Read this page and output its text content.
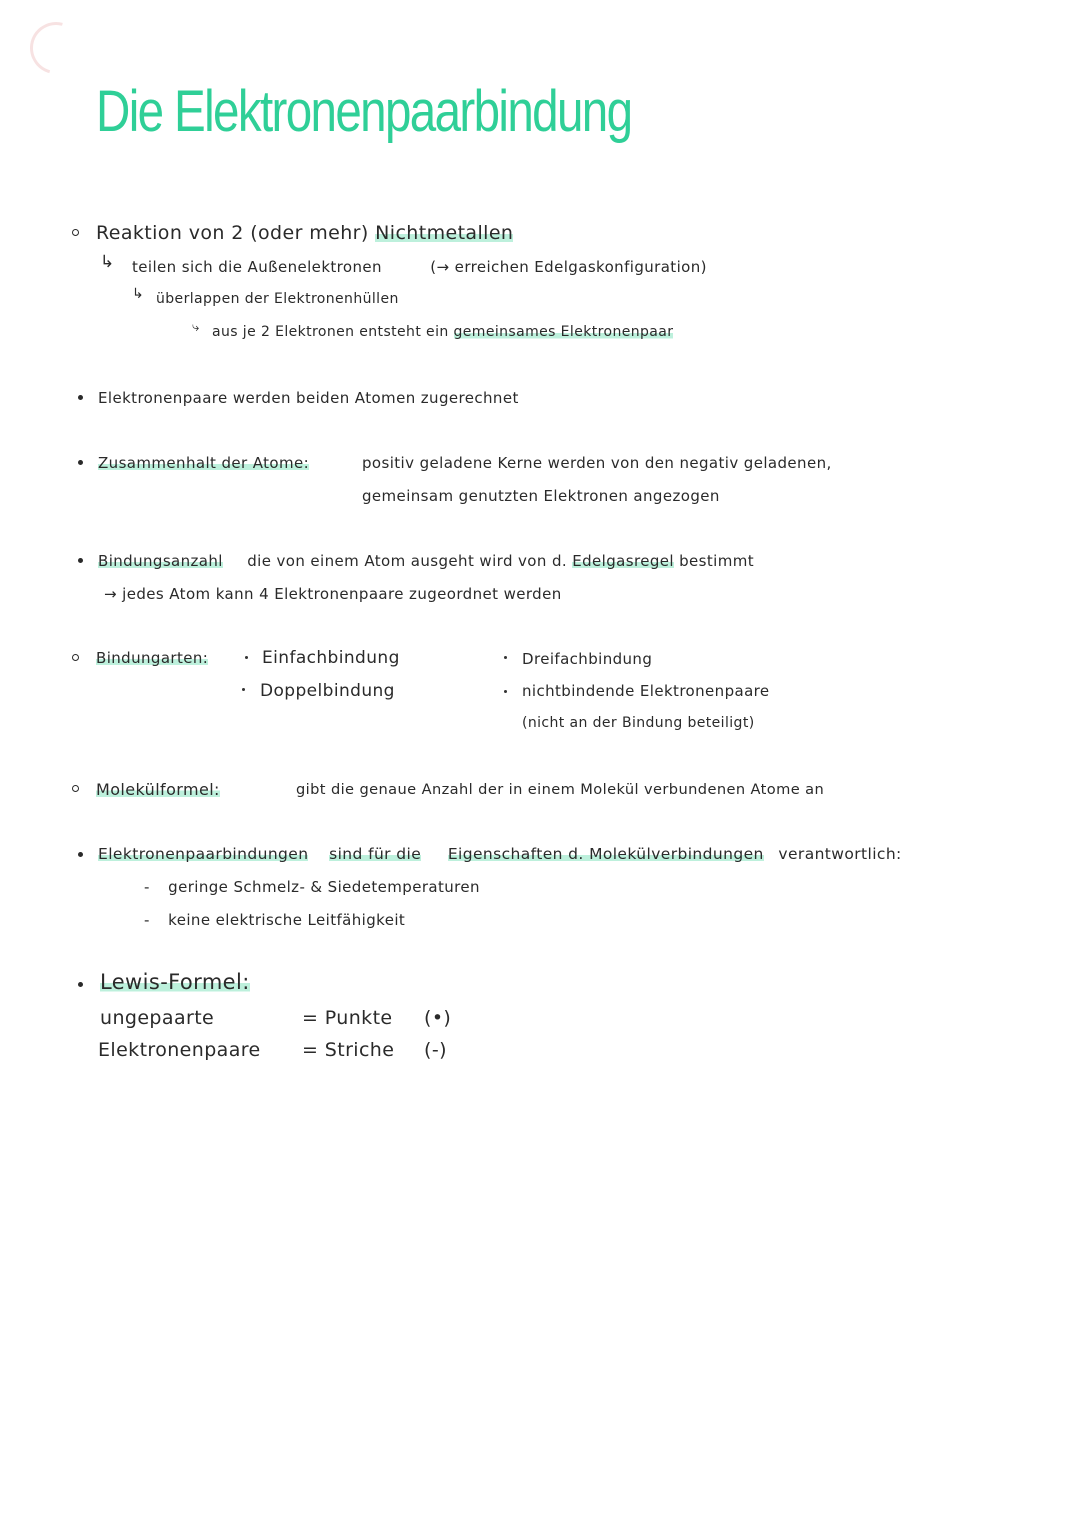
Die Elektronenpaarbindung
Reaktion von 2 (oder mehr) Nichtmetallen
↳ teilen sich die Außenelektronen	(→ erreichen Edelgaskonfiguration)
↳ überlappen der Elektronenhüllen
⤷ aus je 2 Elektronen entsteht ein gemeinsames Elektronenpaar
Elektronenpaare werden beiden Atomen zugerechnet
Zusammenhalt der Atome:	positiv geladene Kerne werden von den negativ geladenen,
gemeinsam genutzten Elektronen angezogen
Bindungsanzahl die von einem Atom ausgeht wird von d. Edelgasregel bestimmt
→ jedes Atom kann 4 Elektronenpaare zugeordnet werden
Bindungarten:	Einfachbindung
Doppelbindung
Dreifachbindung
nichtbindende Elektronenpaare
(nicht an der Bindung beteiligt)
Molekülformel:	gibt die genaue Anzahl der in einem Molekül verbundenen Atome an
Elektronenpaarbindungen sind für die Eigenschaften d. Molekülverbindungen verantwortlich:
- geringe Schmelz- & Siedetemperaturen
- keine elektrische Leitfähigkeit
Lewis-Formel:
ungepaarte	= Punkte (•)
Elektronenpaare = Striche (-)
